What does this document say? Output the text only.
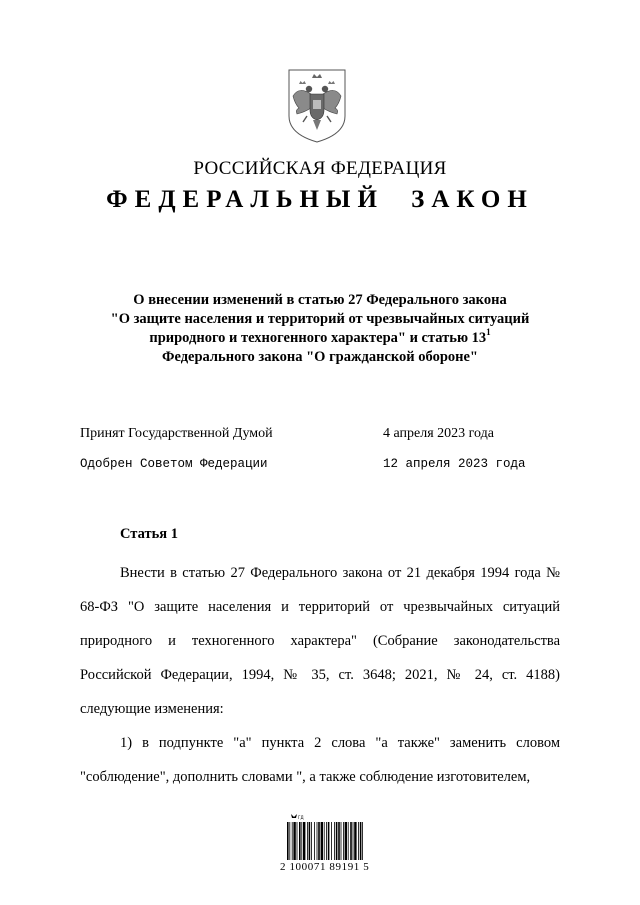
РОССИЙСКАЯ ФЕДЕРАЦИЯ
ФЕДЕРАЛЬНЫЙ ЗАКОН
О внесении изменений в статью 27 Федерального закона
"О защите населения и территорий от чрезвычайных ситуаций
природного и техногенного характера" и статью $13^1$
Федерального закона "О гражданской обороне"
Принят Государственной Думой	4 апреля 2023 года
Одобрен Советом Федерации	12 апреля 2023 года
Статья 1

Внести в статью 27 Федерального закона от 21 декабря 1994 года № 68-ФЗ "О защите населения и территорий от чрезвычайных ситуаций природного и техногенного характера" (Собрание законодательства Российской Федерации, 1994, № 35, ст. 3648; 2021, № 24, ст. 4188) следующие изменения:

1) в подпункте "а" пункта 2 слова "а также" заменить словом "соблюдение", дополнить словами ", а также соблюдение изготовителем,

ГД
2 100071 89191 5
